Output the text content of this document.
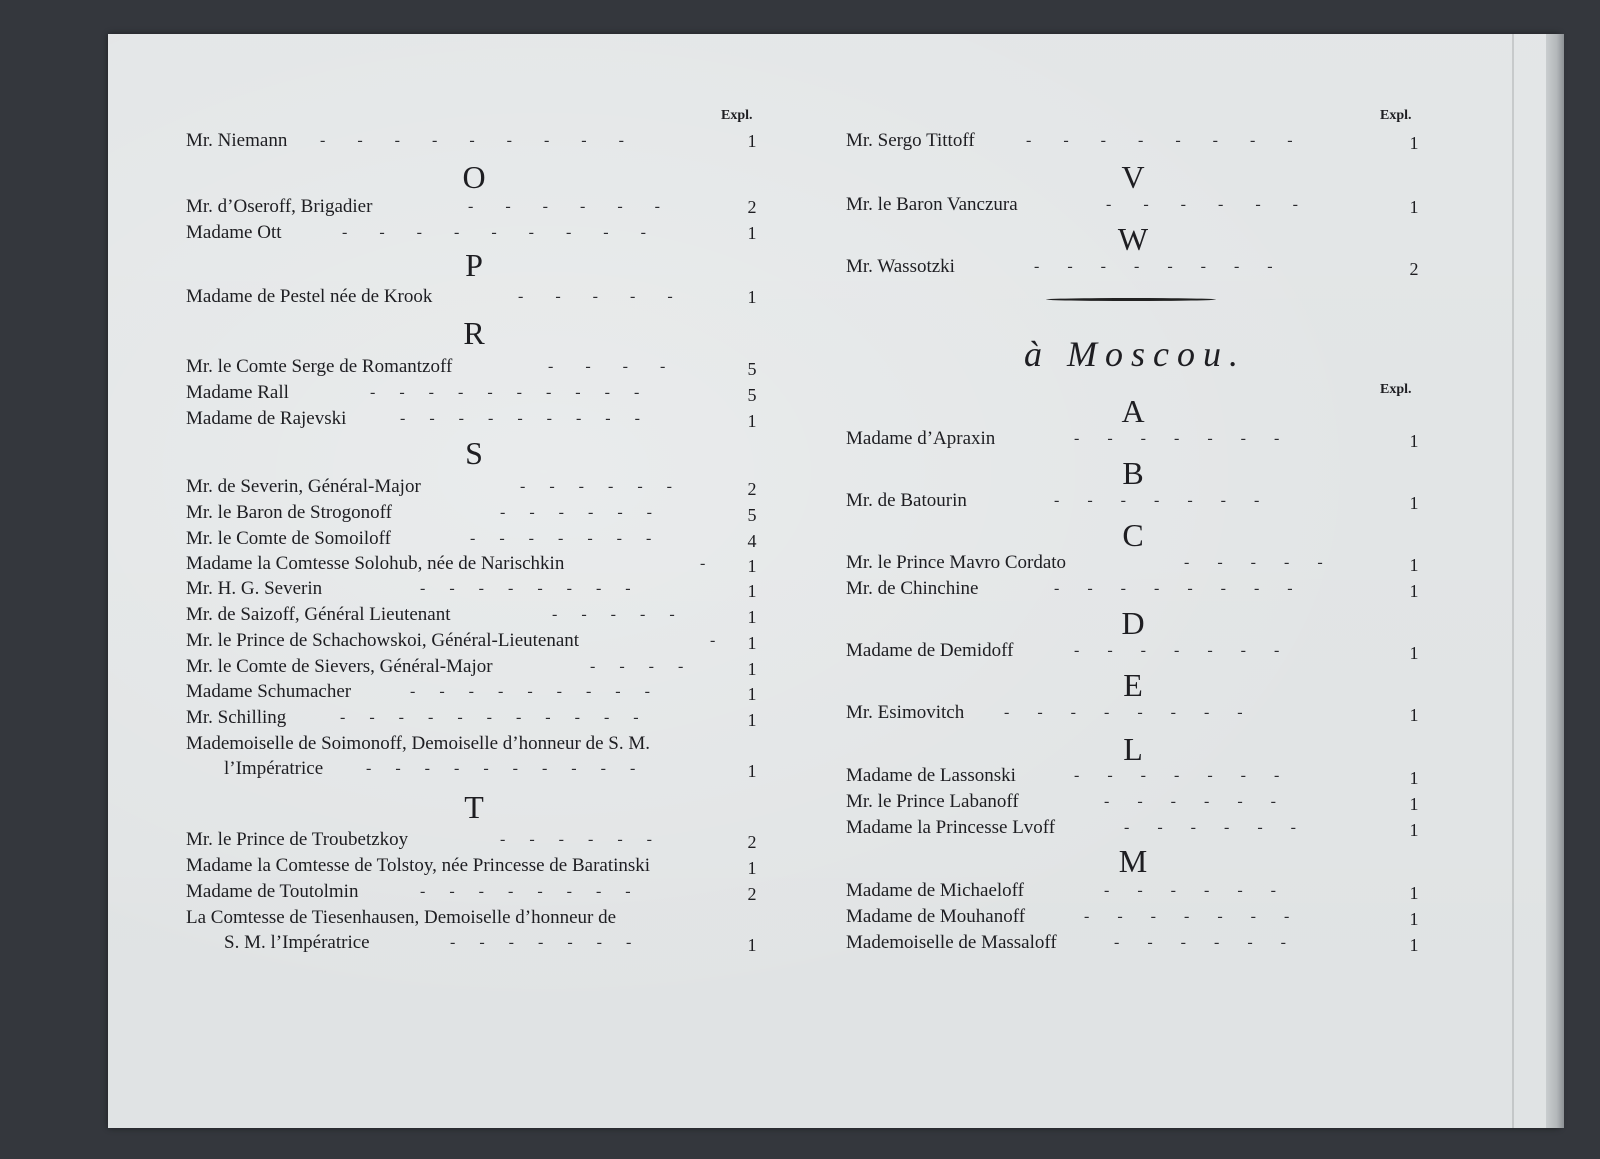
Expl.
Mr. Niemann	1
O
Mr. d’Oseroff, Brigadier	2
Madame Ott	1
P
Madame de Pestel née de Krook	1
R
Mr. le Comte Serge de Romantzoff	5
Madame Rall	5
Madame de Rajevski	1
S
Mr. de Severin, Général-Major	2
Mr. le Baron de Strogonoff	5
Mr. le Comte de Somoiloff	4
Madame la Comtesse Solohub, née de Narischkin	1
Mr. H. G. Severin	1
Mr. de Saizoff, Général Lieutenant	1
Mr. le Prince de Schachowskoi, Général-Lieutenant	1
Mr. le Comte de Sievers, Général-Major	1
Madame Schumacher	1
Mr. Schilling	1
Mademoiselle de Soimonoff, Demoiselle d’honneur de S. M.
l’Impératrice	1
T
Mr. le Prince de Troubetzkoy	2
Madame la Comtesse de Tolstoy, née Princesse de Baratinski	1
Madame de Toutolmin	2
La Comtesse de Tiesenhausen, Demoiselle d’honneur de
S. M. l’Impératrice	1
-        -        -        -        -        -        -        -        -
-        -        -        -        -        -
-        -        -        -        -        -        -        -        -
-        -        -        -        -
-        -        -        -
-      -      -      -      -      -      -      -      -      -
-      -      -      -      -      -      -      -      -
-      -      -      -      -      -
-      -      -      -      -      -
-      -      -      -      -      -      -
-
-      -      -      -      -      -      -      -
-      -      -      -      -
-
-      -      -      -
-      -      -      -      -      -      -      -      -
-      -      -      -      -      -      -      -      -      -      -
-      -      -      -      -      -      -      -      -      -
-      -      -      -      -      -
-      -      -      -      -      -      -      -
-      -      -      -      -      -      -
Expl.
Mr. Sergo Tittoff	1
V
Mr. le Baron Vanczura	1
W
Mr. Wassotzki	2
à Moscou.
Expl.
A
Madame d’Apraxin	1
B
Mr. de Batourin	1
C
Mr. le Prince Mavro Cordato	1
Mr. de Chinchine	1
D
Madame de Demidoff	1
E
Mr. Esimovitch	1
L
Madame de Lassonski	1
Mr. le Prince Labanoff	1
Madame la Princesse Lvoff	1
M
Madame de Michaeloff	1
Madame de Mouhanoff	1
Mademoiselle de Massaloff	1
-        -        -        -        -        -        -        -
-        -        -        -        -        -
-       -       -       -       -       -       -       -
-       -       -       -       -       -       -
-       -       -       -       -       -       -
-       -       -       -       -
-       -       -       -       -       -       -       -
-       -       -       -       -       -       -
-       -       -       -       -       -       -       -
-       -       -       -       -       -       -
-       -       -       -       -       -
-       -       -       -       -       -
-       -       -       -       -       -
-       -       -       -       -       -       -
-       -       -       -       -       -
